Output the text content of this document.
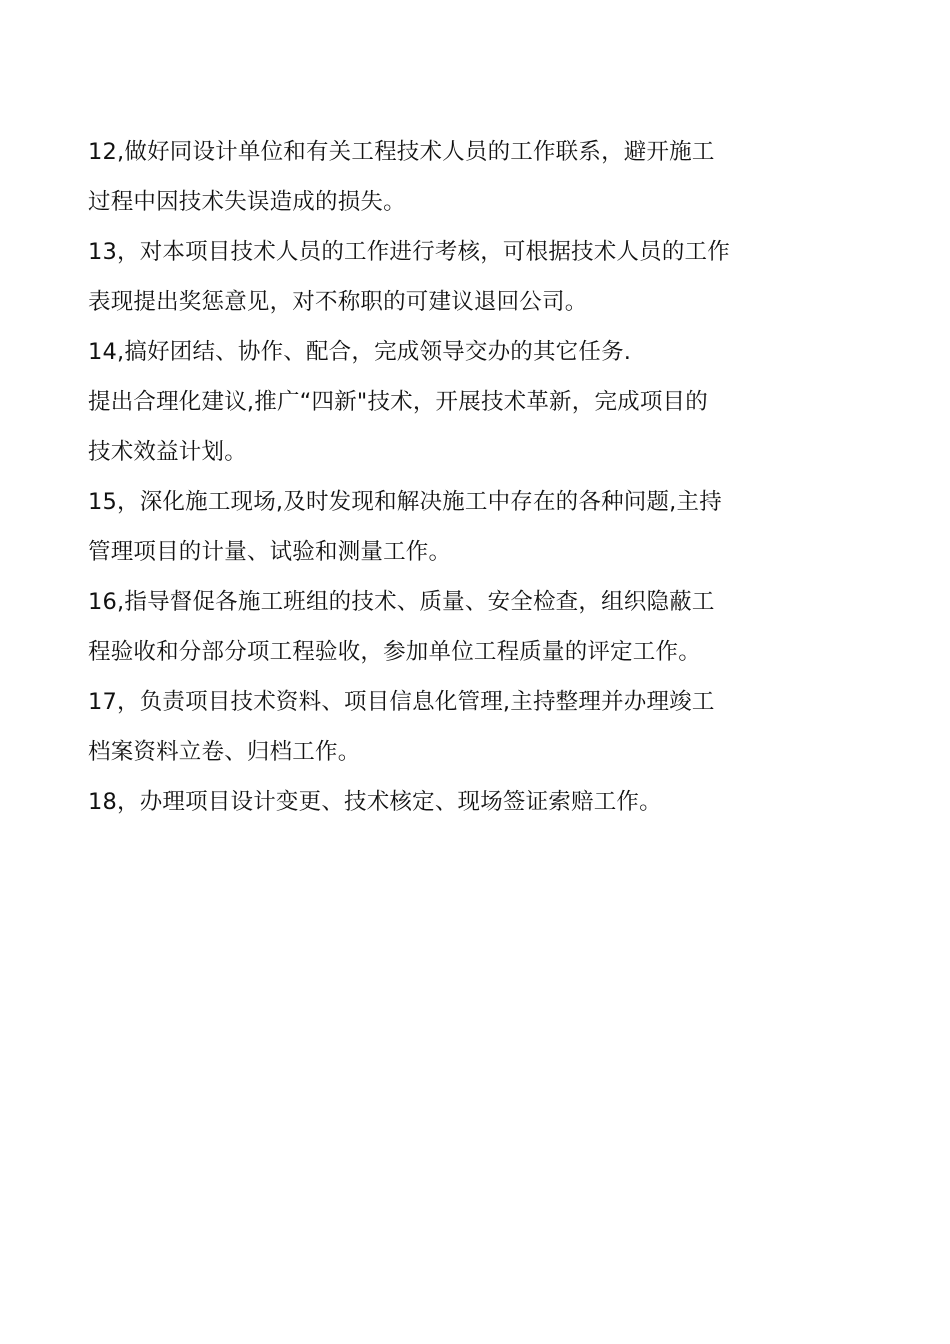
12,做好同设计单位和有关工程技术人员的工作联系，避开施工
过程中因技术失误造成的损失。
13，对本项目技术人员的工作进行考核，可根据技术人员的工作
表现提出奖惩意见，对不称职的可建议退回公司。
14,搞好团结、协作、配合，完成领导交办的其它任务.
提出合理化建议,推广“四新"技术，开展技术革新，完成项目的
技术效益计划。
15，深化施工现场,及时发现和解决施工中存在的各种问题,主持
管理项目的计量、试验和测量工作。
16,指导督促各施工班组的技术、质量、安全检查，组织隐蔽工
程验收和分部分项工程验收，参加单位工程质量的评定工作。
17，负责项目技术资料、项目信息化管理,主持整理并办理竣工
档案资料立卷、归档工作。
18，办理项目设计变更、技术核定、现场签证索赔工作。
